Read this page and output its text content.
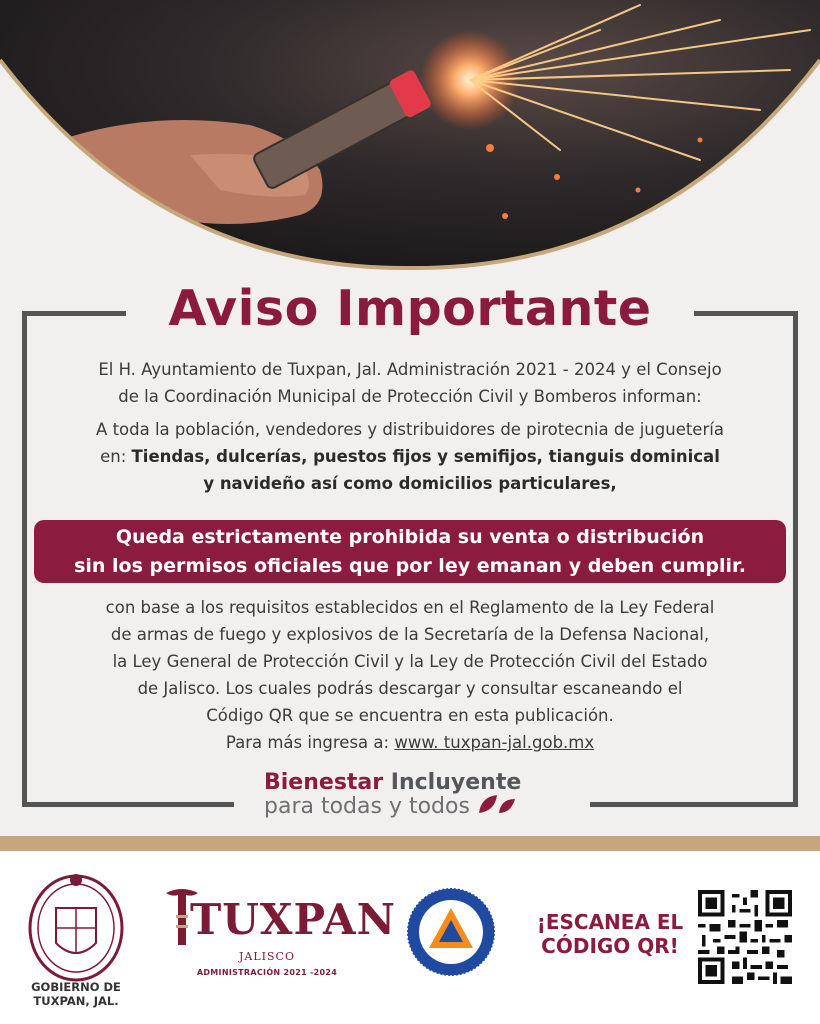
Aviso Importante
El H. Ayuntamiento de Tuxpan, Jal. Administración 2021 - 2024 y el Consejo
de la Coordinación Municipal de Protección Civil y Bomberos informan:
A toda la población, vendedores y distribuidores de pirotecnia de juguetería
en: Tiendas, dulcerías, puestos fijos y semifijos, tianguis dominical
y navideño así como domicilios particulares,
Queda estrictamente prohibida su venta o distribución
sin los permisos oficiales que por ley emanan y deben cumplir.
con base a los requisitos establecidos en el Reglamento de la Ley Federal
de armas de fuego y explosivos de la Secretaría de la Defensa Nacional,
la Ley General de Protección Civil y la Ley de Protección Civil del Estado
de Jalisco. Los cuales podrás descargar y consultar escaneando el
Código QR que se encuentra en esta publicación.
Para más ingresa a: www. tuxpan-jal.gob.mx
Bienestar Incluyente
para todas y todos
GOBIERNO DE
TUXPAN, JAL.
TUXPAN
JALISCO
ADMINISTRACIÓN 2021 -2024
¡ESCANEA EL
CÓDIGO QR!
